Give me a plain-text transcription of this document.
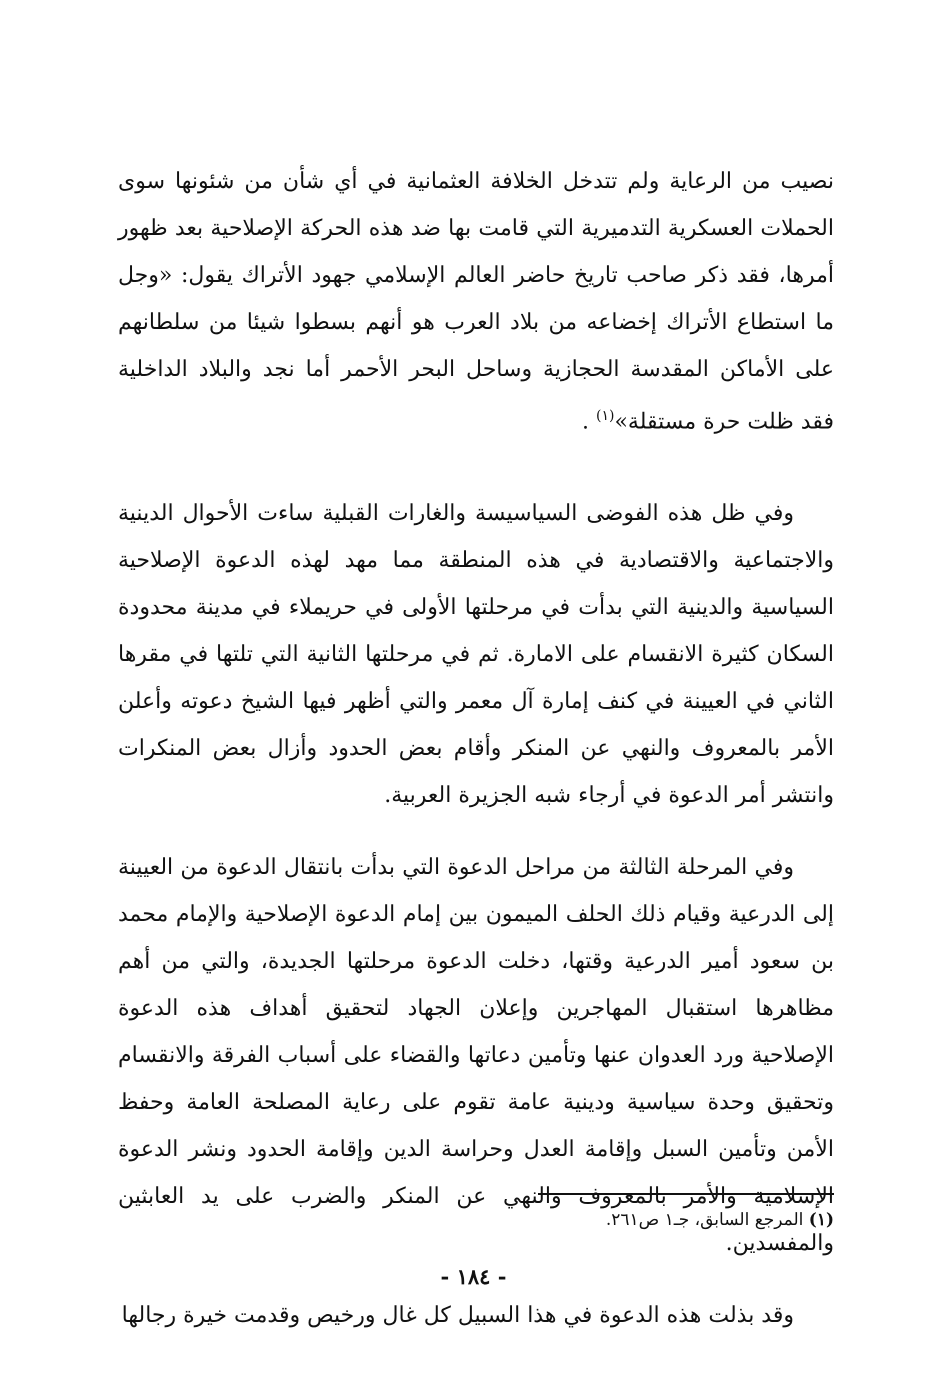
نصيب من الرعاية ولم تتدخل الخلافة العثمانية في أي شأن من شئونها سوى الحملات العسكرية التدميرية التي قامت بها ضد هذه الحركة الإصلاحية بعد ظهور أمرها، فقد ذكر صاحب تاريخ حاضر العالم الإسلامي جهود الأتراك يقول: «وجل ما استطاع الأتراك إخضاعه من بلاد العرب هو أنهم بسطوا شيئا من سلطانهم على الأماكن المقدسة الحجازية وساحل البحر الأحمر أما نجد والبلاد الداخلية فقد ظلت حرة مستقلة»$^{(١)}$ .

وفي ظل هذه الفوضى السياسيسة والغارات القبلية ساءت الأحوال الدينية والاجتماعية والاقتصادية في هذه المنطقة مما مهد لهذه الدعوة الإصلاحية السياسية والدينية التي بدأت في مرحلتها الأولى في حريملاء في مدينة محدودة السكان كثيرة الانقسام على الامارة. ثم في مرحلتها الثانية التي تلتها في مقرها الثاني في العيينة في كنف إمارة آل معمر والتي أظهر فيها الشيخ دعوته وأعلن الأمر بالمعروف والنهي عن المنكر وأقام بعض الحدود وأزال بعض المنكرات وانتشر أمر الدعوة في أرجاء شبه الجزيرة العربية.

وفي المرحلة الثالثة من مراحل الدعوة التي بدأت بانتقال الدعوة من العيينة إلى الدرعية وقيام ذلك الحلف الميمون بين إمام الدعوة الإصلاحية والإمام محمد بن سعود أمير الدرعية وقتها، دخلت الدعوة مرحلتها الجديدة، والتي من أهم مظاهرها استقبال المهاجرين وإعلان الجهاد لتحقيق أهداف هذه الدعوة الإصلاحية ورد العدوان عنها وتأمين دعاتها والقضاء على أسباب الفرقة والانقسام وتحقيق وحدة سياسية ودينية عامة تقوم على رعاية المصلحة العامة وحفظ الأمن وتأمين السبل وإقامة العدل وحراسة الدين وإقامة الحدود ونشر الدعوة الإسلامية والأمر بالمعروف والنهي عن المنكر والضرب على يد العابثين والمفسدين.

وقد بذلت هذه الدعوة في هذا السبيل كل غال ورخيص وقدمت خيرة رجالها

(١) المرجع السابق، جـ١ ص٢٦١.
- ١٨٤ -
